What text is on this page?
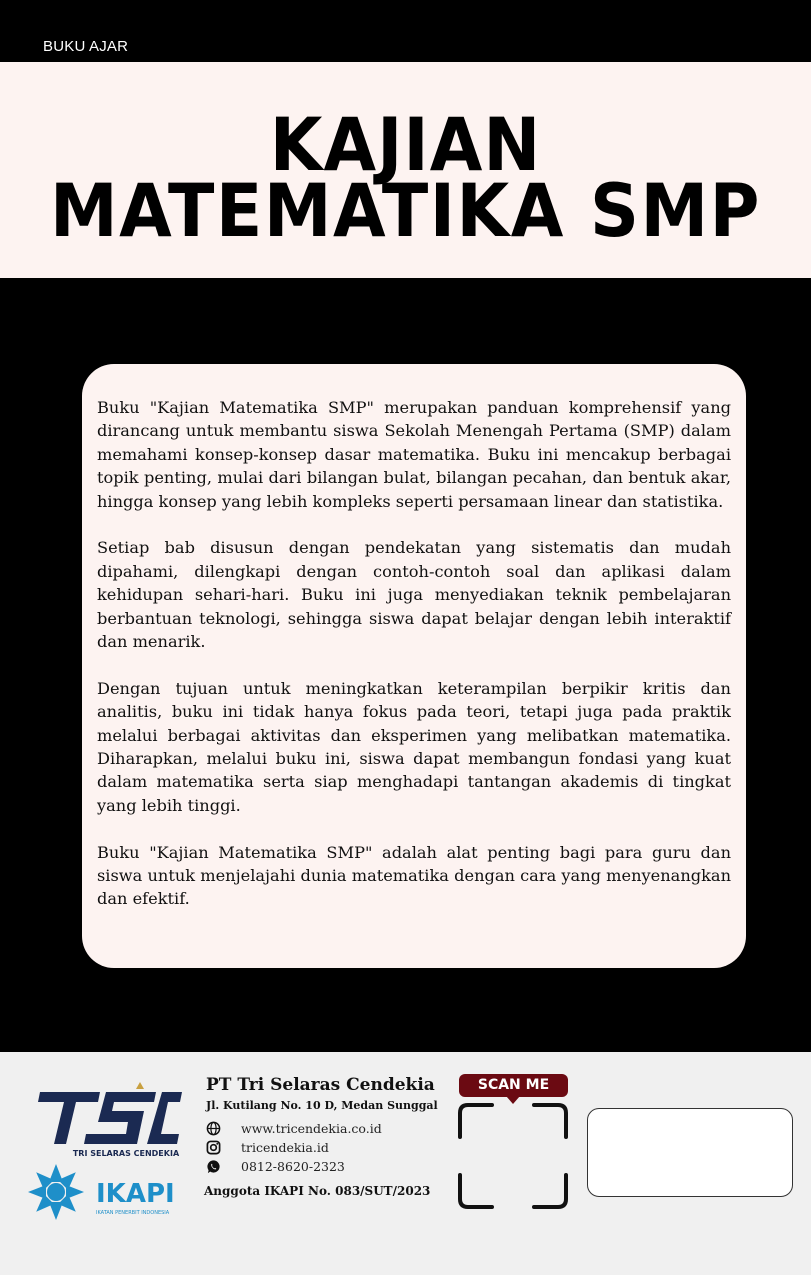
BUKU AJAR
KAJIAN
MATEMATIKA SMP

Buku "Kajian Matematika SMP" merupakan panduan komprehensif yang dirancang untuk membantu siswa Sekolah Menengah Pertama (SMP) dalam memahami konsep-konsep dasar matematika. Buku ini mencakup berbagai topik penting, mulai dari bilangan bulat, bilangan pecahan, dan bentuk akar, hingga konsep yang lebih kompleks seperti persamaan linear dan statistika.

Setiap bab disusun dengan pendekatan yang sistematis dan mudah dipahami, dilengkapi dengan contoh-contoh soal dan aplikasi dalam kehidupan sehari-hari. Buku ini juga menyediakan teknik pembelajaran berbantuan teknologi, sehingga siswa dapat belajar dengan lebih interaktif dan menarik.

Dengan tujuan untuk meningkatkan keterampilan berpikir kritis dan analitis, buku ini tidak hanya fokus pada teori, tetapi juga pada praktik melalui berbagai aktivitas dan eksperimen yang melibatkan matematika. Diharapkan, melalui buku ini, siswa dapat membangun fondasi yang kuat dalam matematika serta siap menghadapi tantangan akademis di tingkat yang lebih tinggi.

Buku "Kajian Matematika SMP" adalah alat penting bagi para guru dan siswa untuk menjelajahi dunia matematika dengan cara yang menyenangkan dan efektif.

TRI SELARAS CENDEKIA
IKAPI
IKATAN PENERBIT INDONESIA
PT Tri Selaras Cendekia
Jl. Kutilang No. 10 D, Medan Sunggal
www.tricendekia.co.id
tricendekia.id
0812-8620-2323
Anggota IKAPI No. 083/SUT/2023
SCAN ME
